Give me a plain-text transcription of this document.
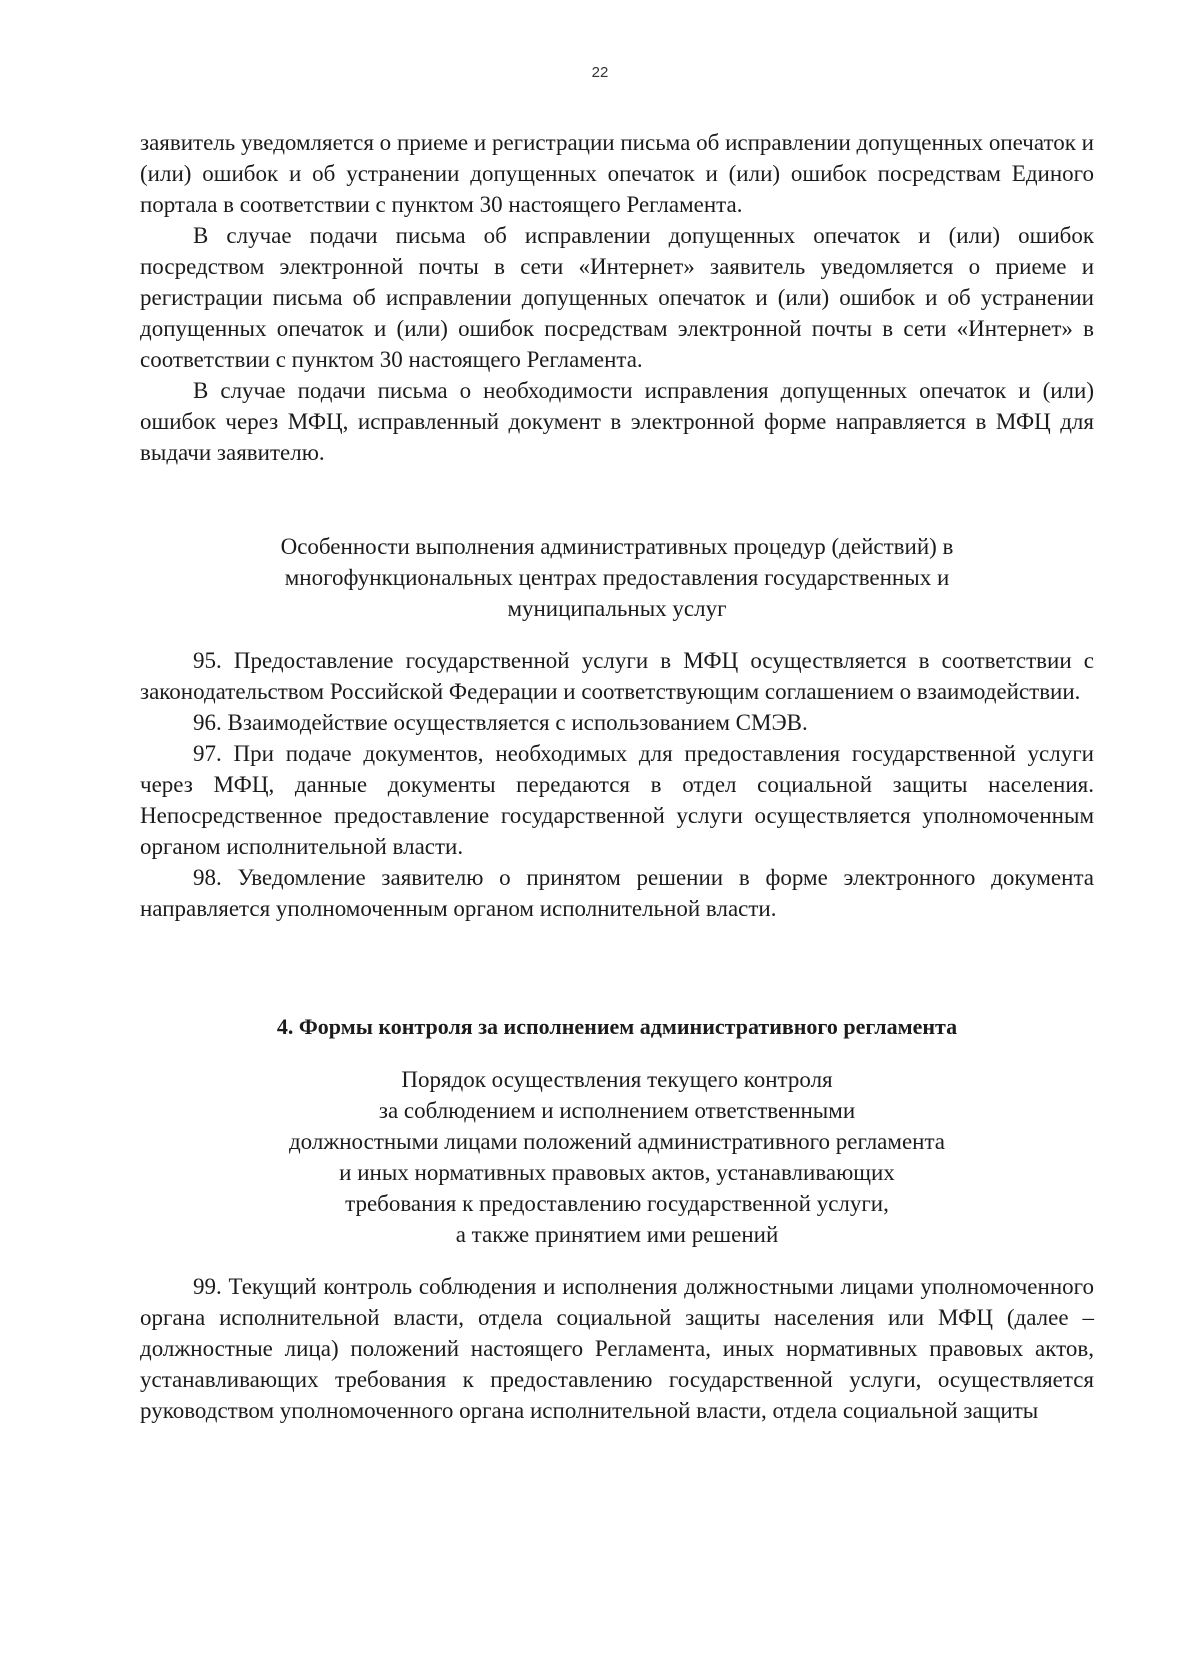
22

заявитель уведомляется о приеме и регистрации письма об исправлении допущенных опечаток и (или) ошибок и об устранении допущенных опечаток и (или) ошибок посредствам Единого портала в соответствии с пунктом 30 настоящего Регламента.

В случае подачи письма об исправлении допущенных опечаток и (или) ошибок посредством электронной почты в сети «Интернет» заявитель уведомляется о приеме и регистрации письма об исправлении допущенных опечаток и (или) ошибок и об устранении допущенных опечаток и (или) ошибок посредствам электронной почты в сети «Интернет» в соответствии с пунктом 30 настоящего Регламента.

В случае подачи письма о необходимости исправления допущенных опечаток и (или) ошибок через МФЦ, исправленный документ в электронной форме направляется в МФЦ для выдачи заявителю.

Особенности выполнения административных процедур (действий) в
многофункциональных центрах предоставления государственных и
муниципальных услуг

95. Предоставление государственной услуги в МФЦ осуществляется в соответствии с законодательством Российской Федерации и соответствующим соглашением о взаимодействии.

96. Взаимодействие осуществляется с использованием СМЭВ.

97. При подаче документов, необходимых для предоставления государственной услуги через МФЦ, данные документы передаются в отдел социальной защиты населения. Непосредственное предоставление государственной услуги осуществляется уполномоченным органом исполнительной власти.

98. Уведомление заявителю о принятом решении в форме электронного документа направляется уполномоченным органом исполнительной власти.

4. Формы контроля за исполнением административного регламента
Порядок осуществления текущего контроля
за соблюдением и исполнением ответственными
должностными лицами положений административного регламента
и иных нормативных правовых актов, устанавливающих
требования к предоставлению государственной услуги,
а также принятием ими решений

99. Текущий контроль соблюдения и исполнения должностными лицами уполномоченного органа исполнительной власти, отдела социальной защиты населения или МФЦ (далее – должностные лица) положений настоящего Регламента, иных нормативных правовых актов, устанавливающих требования к предоставлению государственной услуги, осуществляется руководством уполномоченного органа исполнительной власти, отдела социальной защиты
